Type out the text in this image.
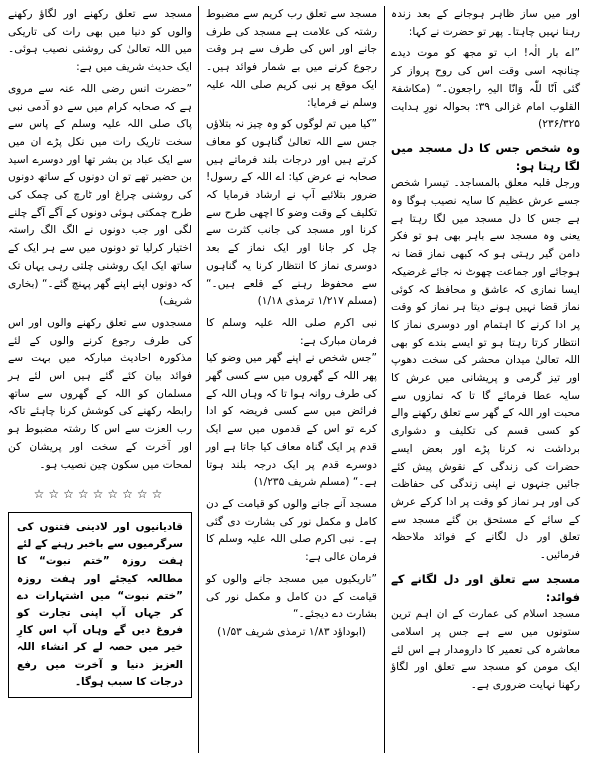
اور میں ساز ظاہر ہوجانے کے بعد زندہ رہنا نہیں چاہتا۔ پھر تو حضرت نے کہا:

”اے بار الٰہ! اب تو مجھ کو موت دیدے چنانچہ اسی وقت اس کی روح پرواز کر گئی اَنّا للّٰہ وَانّا الیہِ راجعون۔“ (مکاشفۃ القلوب امام غزالی ۳۹: بحوالہ نورِ ہدایت ۲۳۶/۳۲۵)

وہ شخص جس کا دل مسجد میں لگا رہتا ہو:

ورجل قلبہ معلق بالمساجد۔ تیسرا شخص جسے عرش عظیم کا سایہ نصیب ہوگا وہ ہے جس کا دل مسجد میں لگا رہتا ہے یعنی وہ مسجد سے باہر بھی ہو تو فکر دامن گیر رہتی ہو کہ کبھی نماز قضا نہ ہوجائے اور جماعت چھوٹ نہ جائے غرضیکہ ایسا نمازی کہ عاشق و محافظ کہ کوئی نماز قضا نہیں ہونے دیتا ہر نماز کو وقت پر ادا کرنے کا اہتمام اور دوسری نماز کا انتظار کرتا رہتا ہو تو ایسے بندے کو بھی اللہ تعالیٰ میدان محشر کی سخت دھوپ اور تیز گرمی و پریشانی میں عرش کا سایہ عطا فرمائے گا تا کہ نمازوں سے محبت اور اللہ کے گھر سے تعلق رکھنے والے کو کسی قسم کی تکلیف و دشواری برداشت نہ کرنا پڑے اور بعض ایسے حضرات کی زندگی کے نقوش پیش کئے جائیں جنہوں نے اپنی زندگی کی حفاظت کی اور ہر نماز کو وقت پر ادا کرکے عرش کے سائے کے مستحق بن گئے مسجد سے تعلق اور دل لگانے کے فوائد ملاحظہ فرمائیں۔

مسجد سے تعلق اور دل لگانے کے فوائد:

مسجد اسلام کی عمارت کے ان اہم ترین ستونوں میں سے ہے جس پر اسلامی معاشرہ کی تعمیر کا دارومدار ہے اس لئے ایک مومن کو مسجد سے تعلق اور لگاؤ رکھنا نہایت ضروری ہے۔

مسجد سے تعلق رب کریم سے مضبوط رشتہ کی علامت ہے مسجد کی طرف جانے اور اس کی طرف سے ہر وقت رجوع کرنے میں بے شمار فوائد ہیں۔ ایک موقع پر نبی کریم صلی اللہ علیہ وسلم نے فرمایا:

”کیا میں تم لوگوں کو وہ چیز نہ بتلاؤں جس سے اللہ تعالیٰ گناہوں کو معاف کرتے ہیں اور درجات بلند فرماتے ہیں صحابہ نے عرض کیا: اے اللہ کے رسول! ضرور بتلائیے آپ نے ارشاد فرمایا کہ تکلیف کے وقت وضو کا اچھی طرح سے کرنا اور مسجد کی جانب کثرت سے چل کر جانا اور ایک نماز کے بعد دوسری نماز کا انتظار کرنا یہ گناہوں سے محفوظ رہنے کے قلعے ہیں۔“ (مسلم ۱/۲۱۷ ترمذی ۱/۱۸)

نبی اکرم صلی اللہ علیہ وسلم کا فرمان مبارک ہے:

”جس شخص نے اپنے گھر میں وضو کیا پھر اللہ کے گھروں میں سے کسی گھر کی طرف روانہ ہوا تا کہ وہاں اللہ کے فرائض میں سے کسی فریضہ کو ادا کرے تو اس کے قدموں میں سے ایک قدم پر ایک گناہ معاف کیا جاتا ہے اور دوسرے قدم پر ایک درجہ بلند ہوتا ہے۔“ (مسلم شریف ۱/۲۳۵)

مسجد آنے جانے والوں کو قیامت کے دن کامل و مکمل نور کی بشارت دی گئی ہے۔ نبی اکرم صلی اللہ علیہ وسلم کا فرمان عالی ہے:

”تاریکیوں میں مسجد جانے والوں کو قیامت کے دن کامل و مکمل نور کی بشارت دے دیجئے۔“

(ابوداؤد ۱/۸۳ ترمذی شریف ۱/۵۳)

مسجد سے تعلق رکھنے اور لگاؤ رکھنے والوں کو دنیا میں بھی رات کی تاریکی میں اللہ تعالیٰ کی روشنی نصیب ہوئی۔ ایک حدیث شریف میں ہے:

”حضرت انس رضی اللہ عنہ سے مروی ہے کہ صحابہ کرام میں سے دو آدمی نبی پاک صلی اللہ علیہ وسلم کے پاس سے سخت تاریک رات میں نکل پڑے ان میں سے ایک عباد بن بشر تھا اور دوسرے اسید بن حضیر تھے تو ان دونوں کے ساتھ دونوں کی روشنی چراغ اور ٹارچ کی چمک کی طرح چمکتی ہوئی دونوں کے آگے آگے چلنے لگی اور جب دونوں نے الگ الگ راستہ اختیار کرلیا تو دونوں میں سے ہر ایک کے ساتھ ایک ایک روشنی چلتی رہی یہاں تک کہ دونوں اپنے اپنے گھر پہنچ گئے۔“ (بخاری شریف)

مسجدوں سے تعلق رکھنے والوں اور اس کی طرف رجوع کرنے والوں کے لئے مذکورہ احادیث مبارکہ میں بہت سے فوائد بیان کئے گئے ہیں اس لئے ہر مسلمان کو اللہ کے گھروں سے ساتھ رابطہ رکھنے کی کوشش کرنا چاہئے تاکہ رب العزت سے اس کا رشتہ مضبوط ہو اور آخرت کے سخت اور پریشان کن لمحات میں سکون چین نصیب ہو۔

☆☆☆☆☆☆☆☆☆
قادیانیوں اور لادینی فتنوں کی سرگرمیوں سے باخبر رہنے کے لئے ہفت روزہ ”ختم نبوت“ کا مطالعہ کیجئے اور ہفت روزہ ”ختم نبوت“ میں اشتہارات دے کر جہاں آپ اپنی تجارت کو فروغ دیں گے وہاں آپ اس کارِ خیر میں حصہ لے کر انشاء اللہ العزیز دنیا و آخرت میں رفع درجات کا سبب ہوگا۔
